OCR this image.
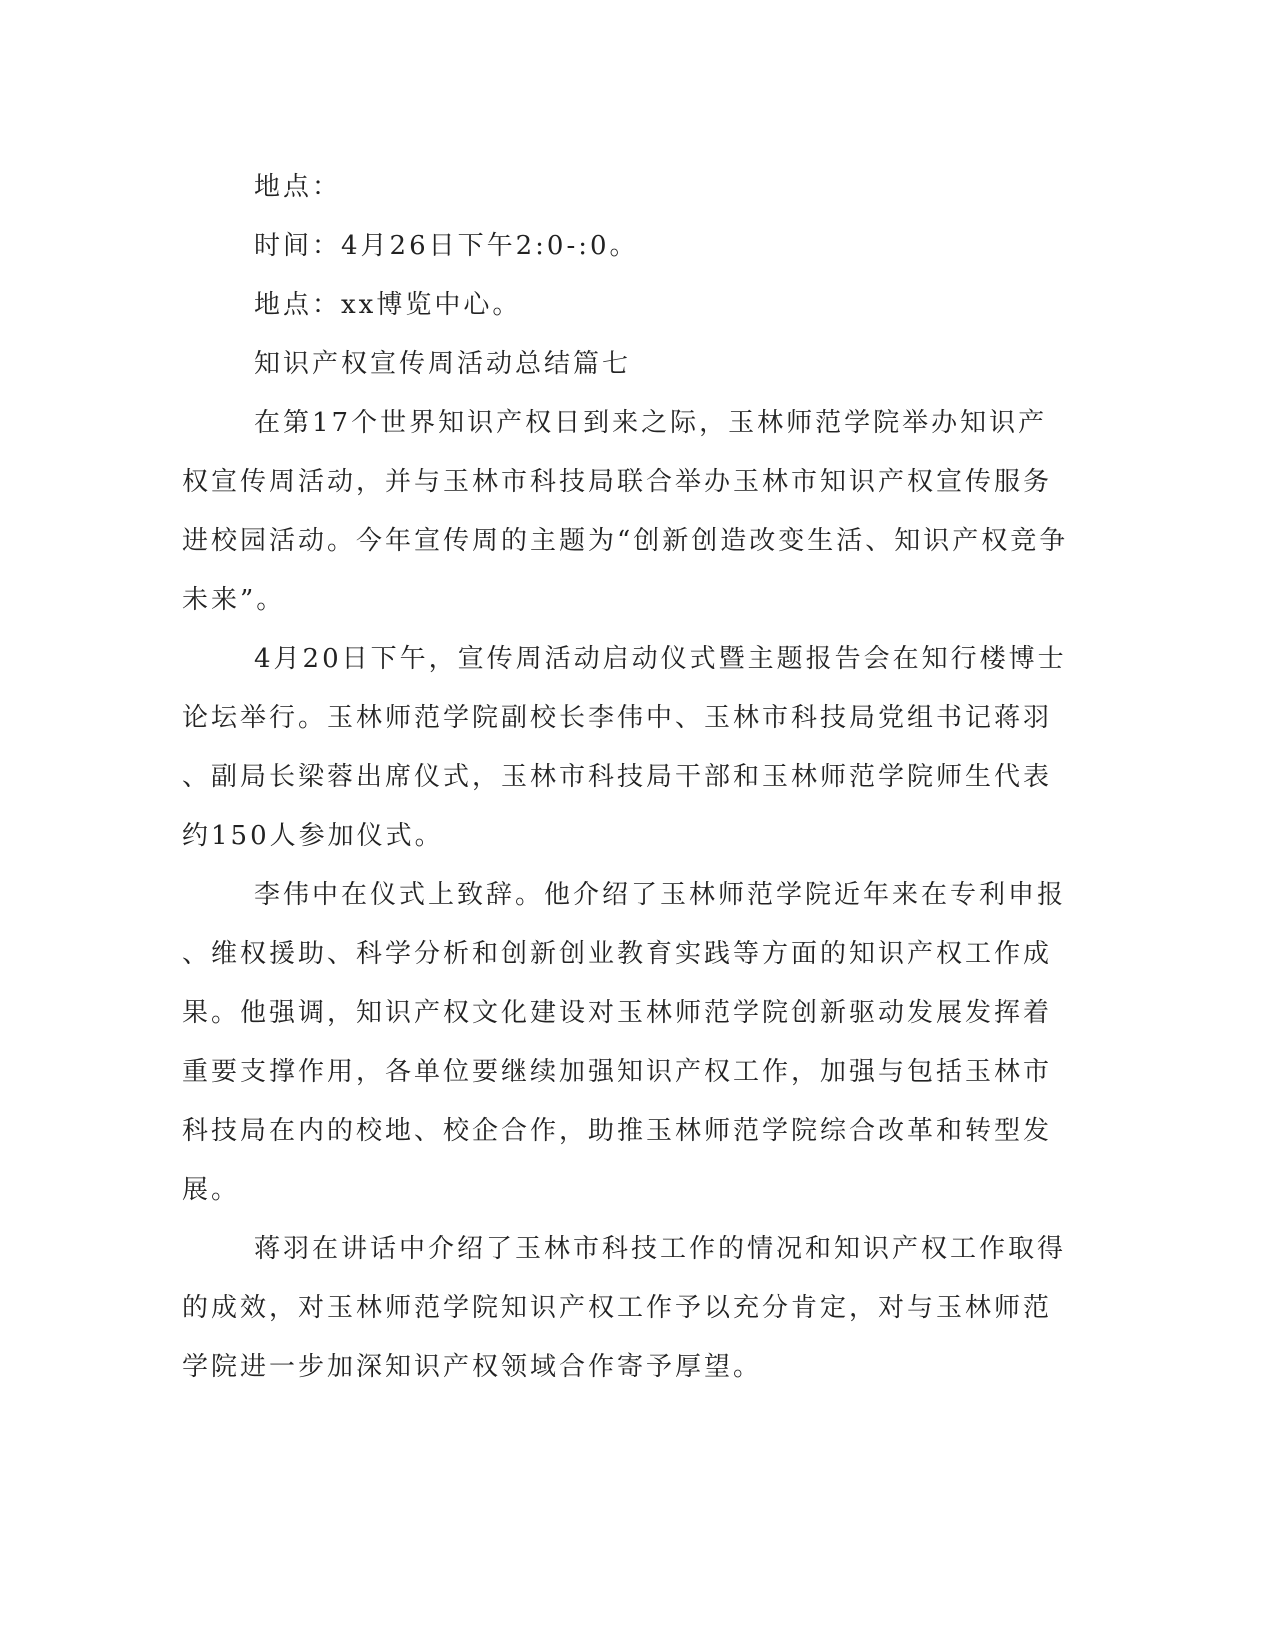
地点：

时间：4月26日下午2:0-:0。

地点：xx博览中心。

知识产权宣传周活动总结篇七

在第17个世界知识产权日到来之际，玉林师范学院举办知识产

权宣传周活动，并与玉林市科技局联合举办玉林市知识产权宣传服务

进校园活动。今年宣传周的主题为“创新创造改变生活、知识产权竞争

未来”。

4月20日下午，宣传周活动启动仪式暨主题报告会在知行楼博士

论坛举行。玉林师范学院副校长李伟中、玉林市科技局党组书记蒋羽

、副局长梁蓉出席仪式，玉林市科技局干部和玉林师范学院师生代表

约150人参加仪式。

李伟中在仪式上致辞。他介绍了玉林师范学院近年来在专利申报

、维权援助、科学分析和创新创业教育实践等方面的知识产权工作成

果。他强调，知识产权文化建设对玉林师范学院创新驱动发展发挥着

重要支撑作用，各单位要继续加强知识产权工作，加强与包括玉林市

科技局在内的校地、校企合作，助推玉林师范学院综合改革和转型发

展。

蒋羽在讲话中介绍了玉林市科技工作的情况和知识产权工作取得

的成效，对玉林师范学院知识产权工作予以充分肯定，对与玉林师范

学院进一步加深知识产权领域合作寄予厚望。
